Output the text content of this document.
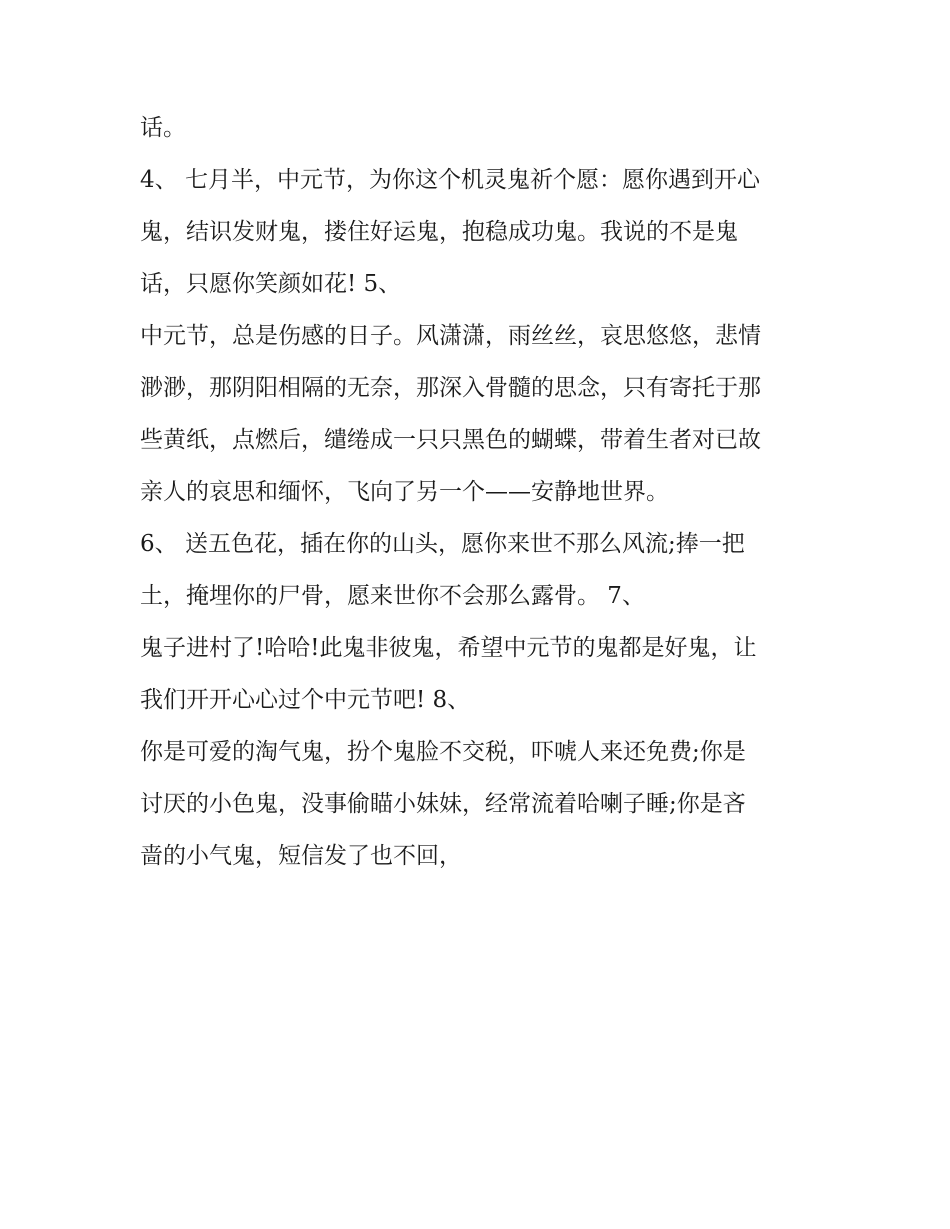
话。
4、 七月半，中元节，为你这个机灵鬼祈个愿：愿你遇到开心
鬼，结识发财鬼，搂住好运鬼，抱稳成功鬼。我说的不是鬼
话，只愿你笑颜如花! 5、
中元节，总是伤感的日子。风潇潇，雨丝丝，哀思悠悠，悲情
渺渺，那阴阳相隔的无奈，那深入骨髓的思念，只有寄托于那
些黄纸，点燃后，缱绻成一只只黑色的蝴蝶，带着生者对已故
亲人的哀思和缅怀，飞向了另一个——安静地世界。
6、 送五色花，插在你的山头，愿你来世不那么风流;捧一把
土，掩埋你的尸骨，愿来世你不会那么露骨。 7、
鬼子进村了!哈哈!此鬼非彼鬼，希望中元节的鬼都是好鬼，让
我们开开心心过个中元节吧! 8、
你是可爱的淘气鬼，扮个鬼脸不交税，吓唬人来还免费;你是
讨厌的小色鬼，没事偷瞄小妹妹，经常流着哈喇子睡;你是吝
啬的小气鬼，短信发了也不回，
